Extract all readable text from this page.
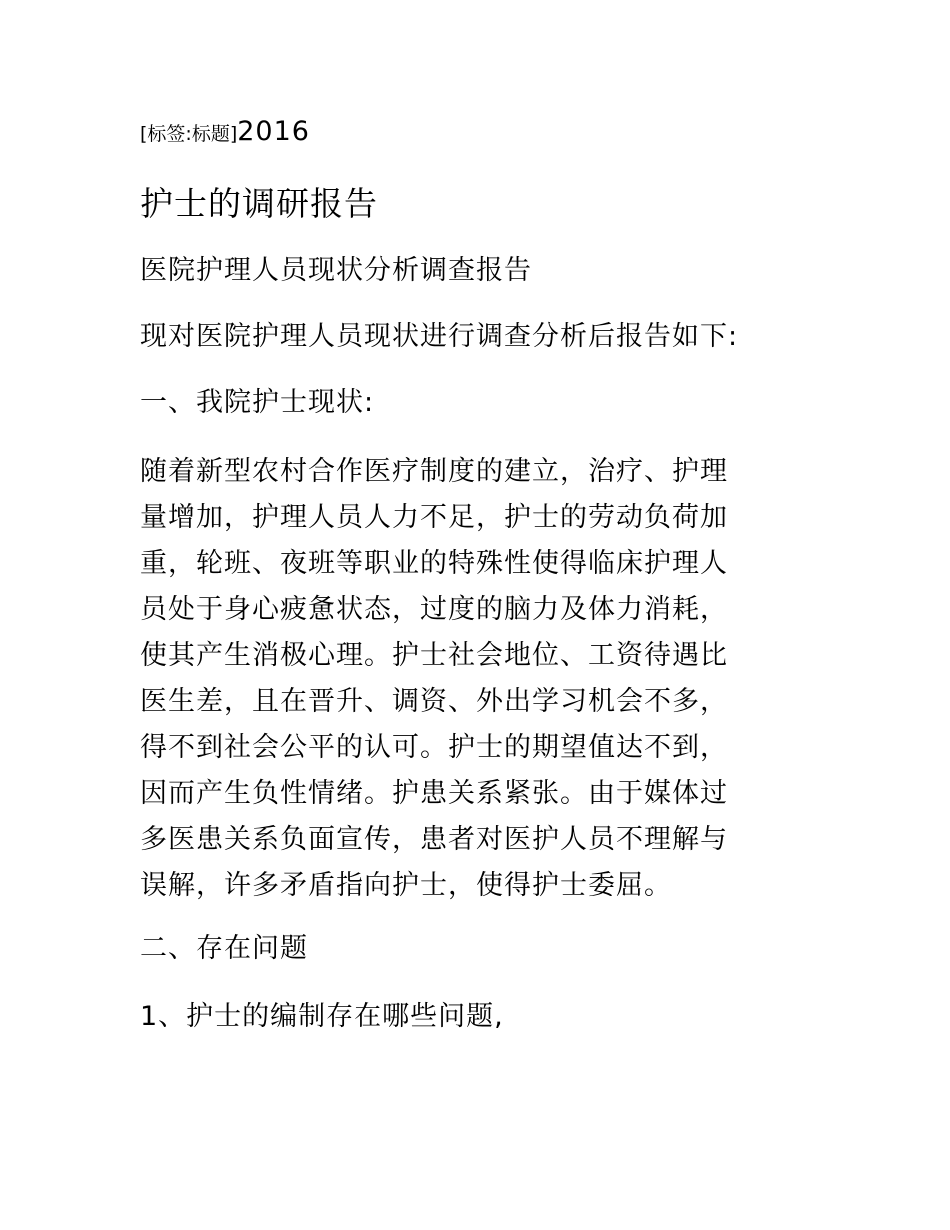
[标签:标题]2016

护士的调研报告

医院护理人员现状分析调查报告

现对医院护理人员现状进行调查分析后报告如下:

一、我院护士现状:

随着新型农村合作医疗制度的建立，治疗、护理
量增加，护理人员人力不足，护士的劳动负荷加
重，轮班、夜班等职业的特殊性使得临床护理人
员处于身心疲惫状态，过度的脑力及体力消耗，
使其产生消极心理。护士社会地位、工资待遇比
医生差，且在晋升、调资、外出学习机会不多，
得不到社会公平的认可。护士的期望值达不到，
因而产生负性情绪。护患关系紧张。由于媒体过
多医患关系负面宣传，患者对医护人员不理解与
误解，许多矛盾指向护士，使得护士委屈。

二、存在问题

1、护士的编制存在哪些问题,
